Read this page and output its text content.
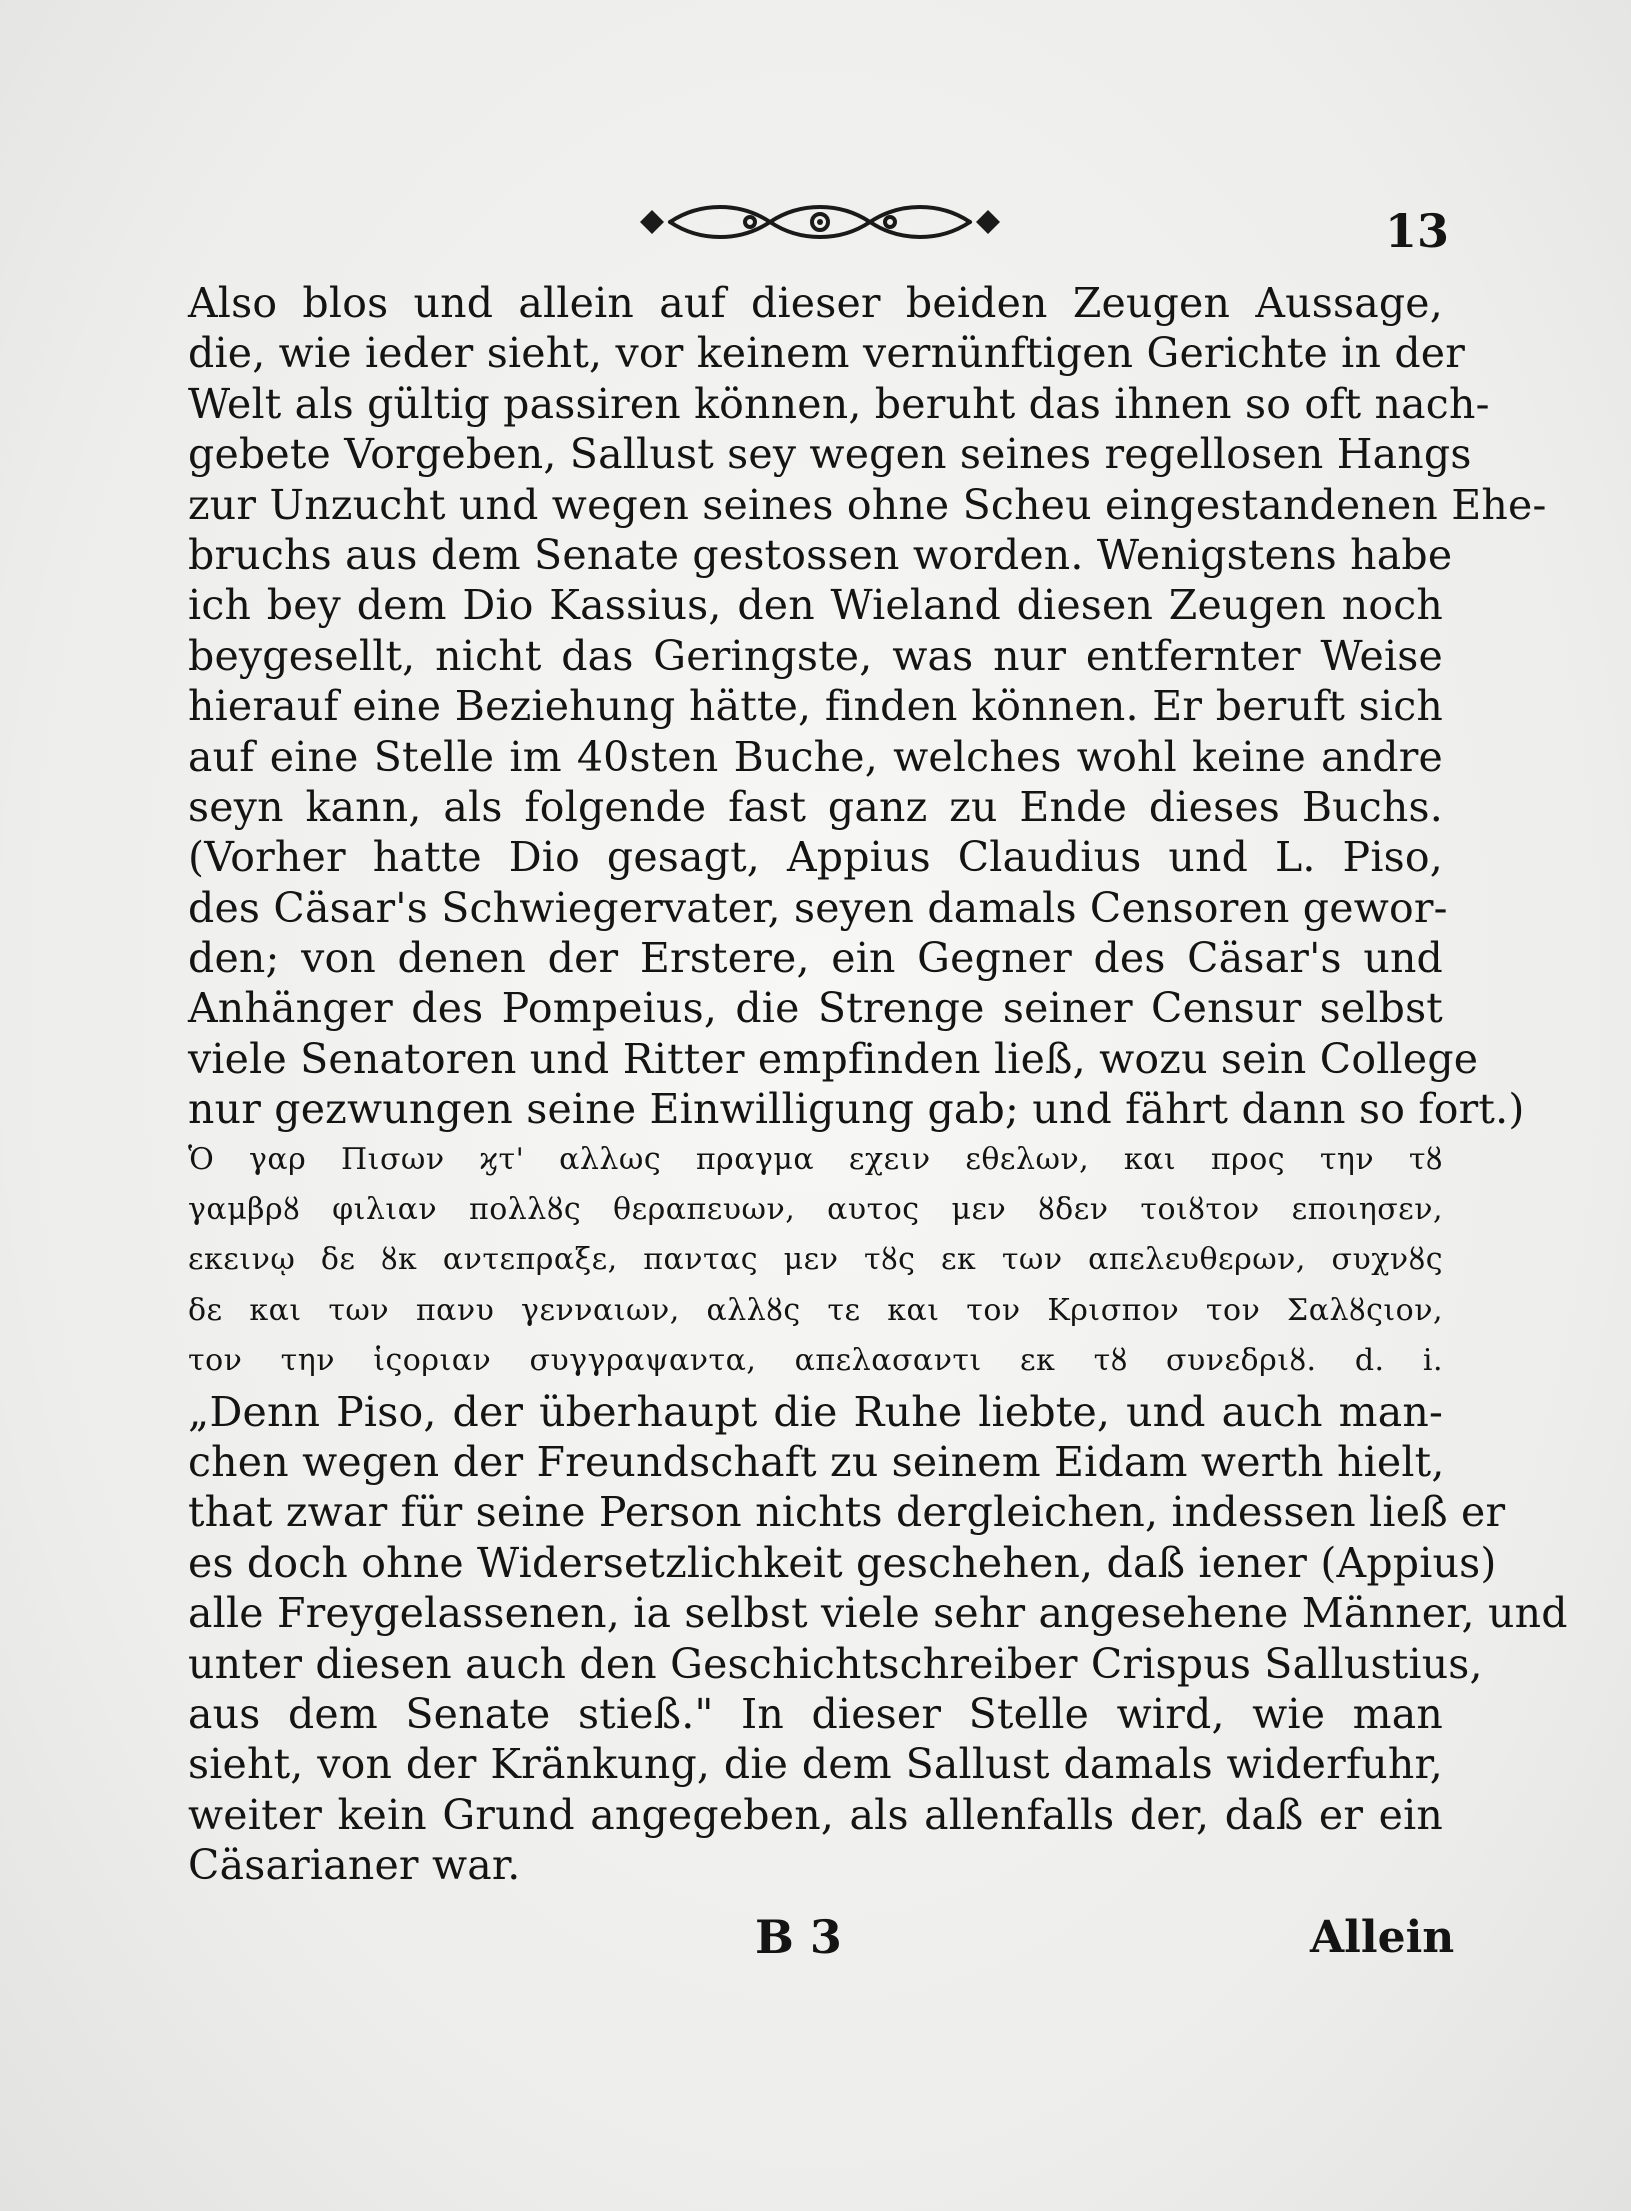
13
Also blos und allein auf dieser beiden Zeugen Aussage,
die, wie ieder sieht, vor keinem vernünftigen Gerichte in der
Welt als gültig passiren können, beruht das ihnen so oft nach-
gebete Vorgeben, Sallust sey wegen seines regellosen Hangs
zur Unzucht und wegen seines ohne Scheu eingestandenen Ehe-
bruchs aus dem Senate gestossen worden. Wenigstens habe
ich bey dem Dio Kassius, den Wieland diesen Zeugen noch
beygesellt, nicht das Geringste, was nur entfernter Weise
hierauf eine Beziehung hätte, finden können. Er beruft sich
auf eine Stelle im 40sten Buche, welches wohl keine andre
seyn kann, als folgende fast ganz zu Ende dieses Buchs.
(Vorher hatte Dio gesagt, Appius Claudius und L. Piso,
des Cäsar's Schwiegervater, seyen damals Censoren gewor-
den; von denen der Erstere, ein Gegner des Cäsar's und
Anhänger des Pompeius, die Strenge seiner Censur selbst
viele Senatoren und Ritter empfinden ließ, wozu sein College
nur gezwungen seine Einwilligung gab; und fährt dann so fort.)
Ὁ γαρ Πισων ϗτ' αλλως πραγμα εχειν εθελων, και προς την τȣ
γαμβρȣ φιλιαν πολλȣς θεραπευων, αυτος μεν ȣδεν τοιȣτον εποιησεν,
εκεινῳ δε ȣκ αντεπραξε, παντας μεν τȣς εκ των απελευθερων, συχνȣς
δε και των πανυ γενναιων, αλλȣς τε και τον Κρισπον τον Σαλȣςιον,
τον την ἱςοριαν συγγραψαντα, απελασαντι εκ τȣ συνεδριȣ. d. i.
„Denn Piso, der überhaupt die Ruhe liebte, und auch man-
chen wegen der Freundschaft zu seinem Eidam werth hielt,
that zwar für seine Person nichts dergleichen, indessen ließ er
es doch ohne Widersetzlichkeit geschehen, daß iener (Appius)
alle Freygelassenen, ia selbst viele sehr angesehene Männer, und
unter diesen auch den Geschichtschreiber Crispus Sallustius,
aus dem Senate stieß." In dieser Stelle wird, wie man
sieht, von der Kränkung, die dem Sallust damals widerfuhr,
weiter kein Grund angegeben, als allenfalls der, daß er ein
Cäsarianer war.
B 3	Allein
